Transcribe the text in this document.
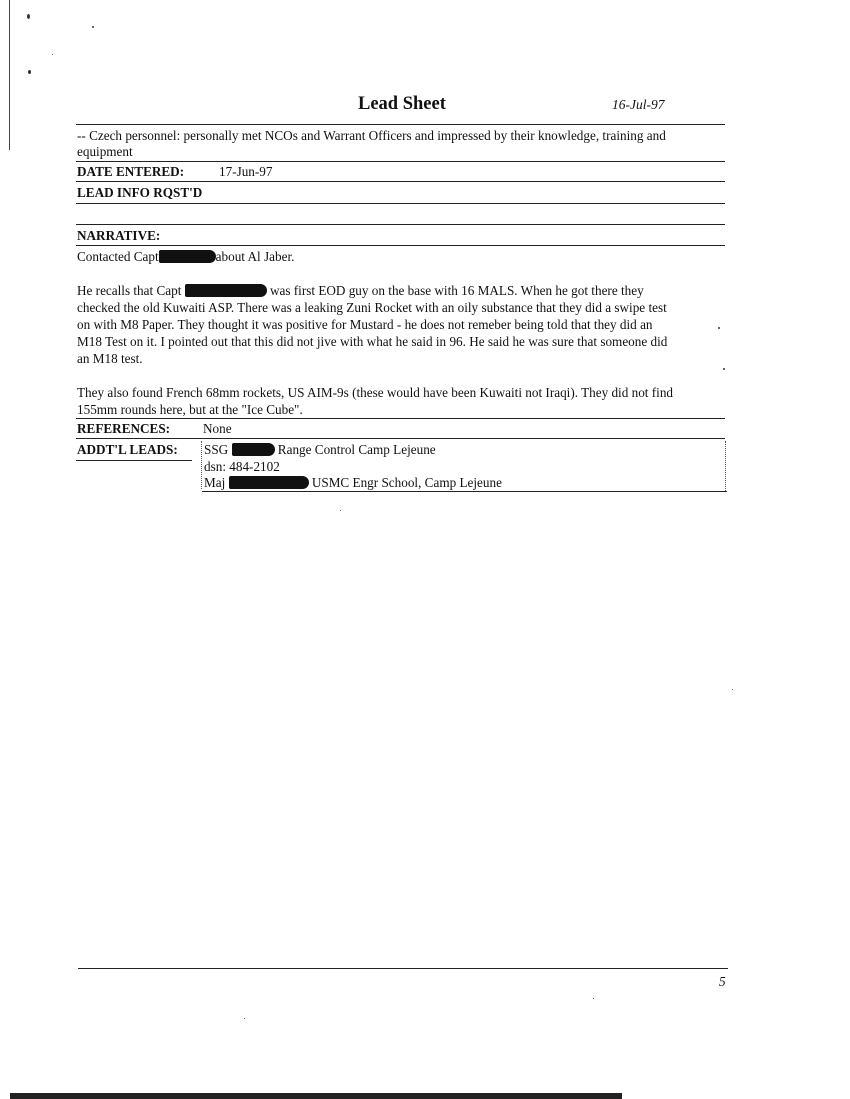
Lead Sheet	16-Jul-97
-- Czech personnel: personally met NCOs and Warrant Officers and impressed by their knowledge, training and
equipment
DATE ENTERED:	17-Jun-97
LEAD INFO RQST'D
NARRATIVE:
Contacted Capt	about Al Jaber.
He recalls that Capt	was first EOD guy on the base with 16 MALS. When he got there they
checked the old Kuwaiti ASP. There was a leaking Zuni Rocket with an oily substance that they did a swipe test
on with M8 Paper. They thought it was positive for Mustard - he does not remeber being told that they did an
M18 Test on it. I pointed out that this did not jive with what he said in 96. He said he was sure that someone did
an M18 test.
They also found French 68mm rockets, US AIM-9s (these would have been Kuwaiti not Iraqi). They did not find
155mm rounds here, but at the "Ice Cube".
REFERENCES: None
ADDT'L LEADS: SSG	Range Control Camp Lejeune
dsn: 484-2102
Maj	USMC Engr School, Camp Lejeune
5
